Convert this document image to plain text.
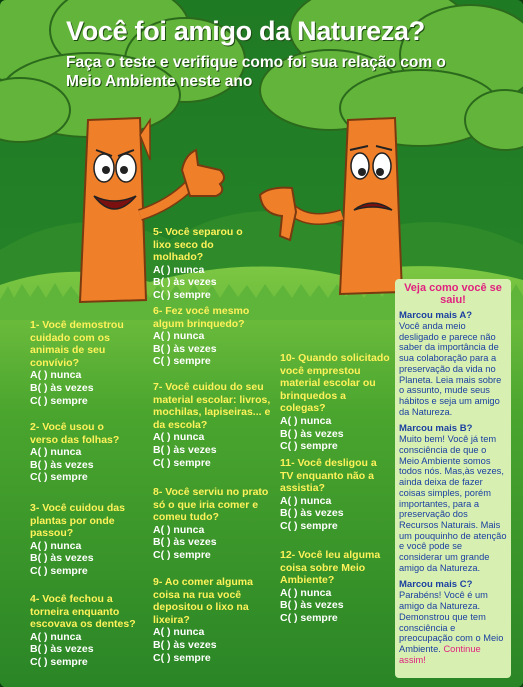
Você foi amigo da Natureza?
Faça o teste e verifique como foi sua relação com o Meio Ambiente neste ano
1- Você demostrou cuidado com os animais de seu convívio?
A( ) nunca
B( ) às vezes
C( ) sempre
2- Você usou o verso das folhas?
A( ) nunca
B( ) às vezes
C( ) sempre
3- Você cuidou das plantas por onde passou?
A( ) nunca
B( ) às vezes
C( ) sempre
4- Você fechou a torneira enquanto escovava os dentes?
A( ) nunca
B( ) às vezes
C( ) sempre
5- Você separou o lixo seco do molhado?
A( ) nunca
B( ) às vezes
C( ) sempre
6- Fez você mesmo algum brinquedo?
A( ) nunca
B( ) às vezes
C( ) sempre
7- Você cuidou do seu material escolar: livros, mochilas, lapiseiras... e da escola?
A( ) nunca
B( ) às vezes
C( ) sempre
8- Você serviu no prato só o que iria comer e comeu tudo?
A( ) nunca
B( ) às vezes
C( ) sempre
9- Ao comer alguma coisa na rua você depositou o lixo na lixeira?
A( ) nunca
B( ) às vezes
C( ) sempre
10- Quando solicitado você emprestou material escolar ou brinquedos a colegas?
A( ) nunca
B( ) às vezes
C( ) sempre
11- Você desligou a TV enquanto não a assistia?
A( ) nunca
B( ) às vezes
C( ) sempre
12- Você leu alguma coisa sobre Meio Ambiente?
A( ) nunca
B( ) às vezes
C( ) sempre
Veja como você se saiu!
Marcou mais A?
Você anda meio desligado e parece não saber da importância de sua colaboração para a preservação da vida no Planeta. Leia mais sobre o assunto, mude seus hábitos e seja um amigo da Natureza.
Marcou mais B?
Muito bem! Você já tem consciência de que o Meio Ambiente somos todos nós. Mas,às vezes, ainda deixa de fazer coisas simples, porém importantes, para a preservação dos Recursos Naturais. Mais um pouquinho de atenção e você pode se considerar um grande amigo da Natureza.
Marcou mais C?
Parabéns! Você é um amigo da Natureza. Demonstrou que tem consciência e preocupação com o Meio Ambiente. Continue assim!
